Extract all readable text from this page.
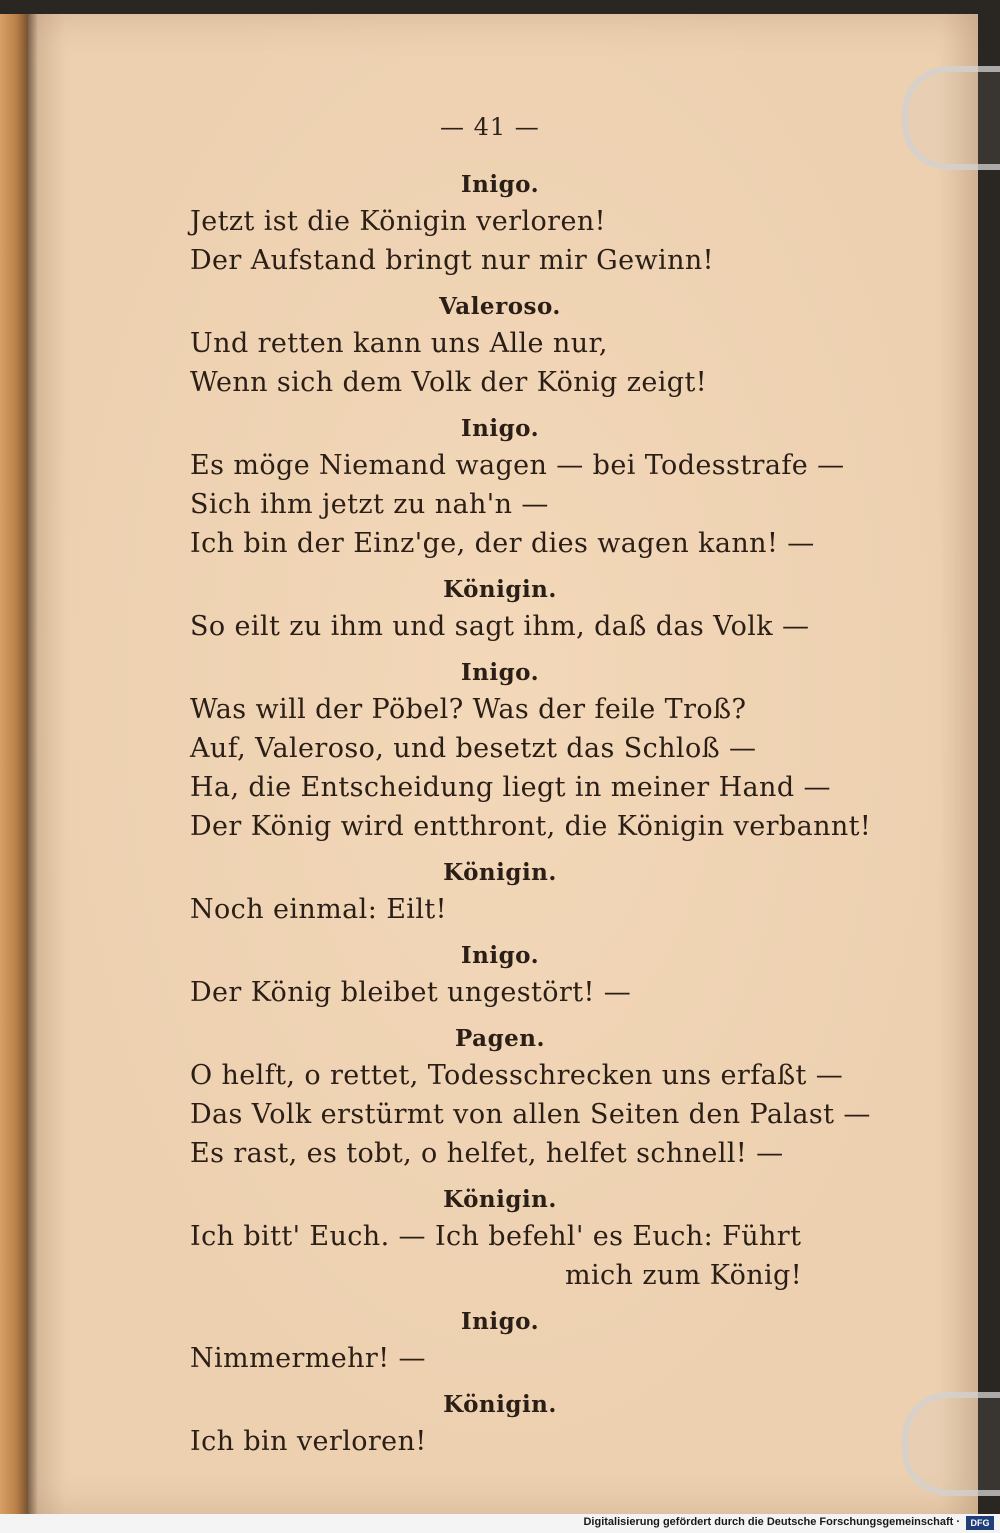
— 41 —
Inigo.
Jetzt ist die Königin verloren!
Der Aufstand bringt nur mir Gewinn!
Valeroso.
Und retten kann uns Alle nur,
Wenn sich dem Volk der König zeigt!
Inigo.
Es möge Niemand wagen — bei Todesstrafe —
Sich ihm jetzt zu nah'n —
Ich bin der Einz'ge, der dies wagen kann! —
Königin.
So eilt zu ihm und sagt ihm, daß das Volk —
Inigo.
Was will der Pöbel? Was der feile Troß?
Auf, Valeroso, und besetzt das Schloß —
Ha, die Entscheidung liegt in meiner Hand —
Der König wird entthront, die Königin verbannt!
Königin.
Noch einmal: Eilt!
Inigo.
Der König bleibet ungestört! —
Pagen.
O helft, o rettet, Todesschrecken uns erfaßt —
Das Volk erstürmt von allen Seiten den Palast —
Es rast, es tobt, o helfet, helfet schnell! —
Königin.
Ich bitt' Euch. — Ich befehl' es Euch: Führt
mich zum König!
Inigo.
Nimmermehr! —
Königin.
Ich bin verloren!
Digitalisierung gefördert durch die Deutsche Forschungsgemeinschaft ·	DFG
